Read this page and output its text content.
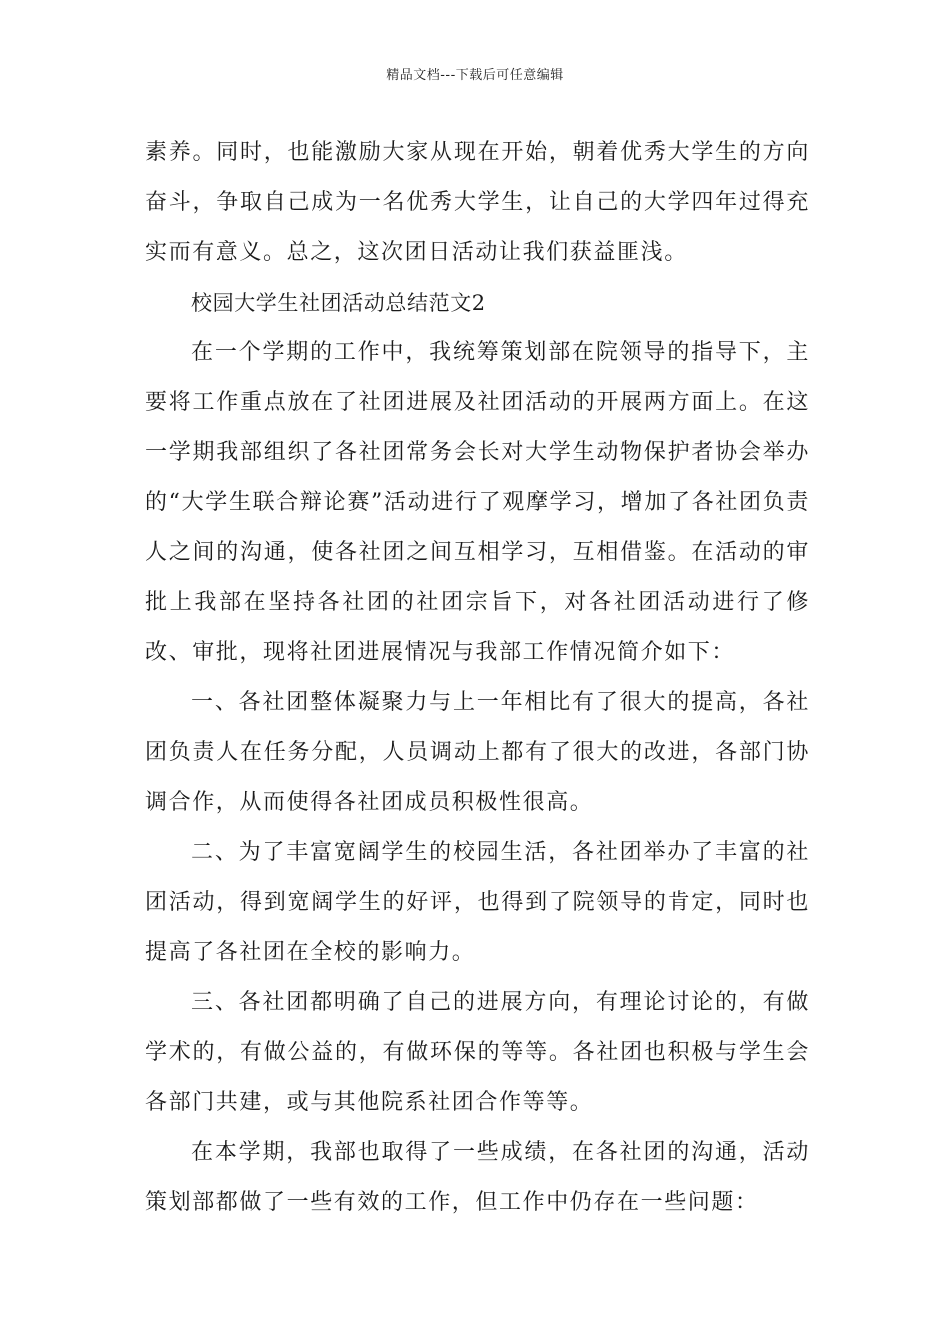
精品文档---下载后可任意编辑

素养。同时，也能激励大家从现在开始，朝着优秀大学生的方向奋斗，争取自己成为一名优秀大学生，让自己的大学四年过得充实而有意义。总之，这次团日活动让我们获益匪浅。

校园大学生社团活动总结范文2

在一个学期的工作中，我统筹策划部在院领导的指导下，主要将工作重点放在了社团进展及社团活动的开展两方面上。在这一学期我部组织了各社团常务会长对大学生动物保护者协会举办的“大学生联合辩论赛”活动进行了观摩学习，增加了各社团负责人之间的沟通，使各社团之间互相学习，互相借鉴。在活动的审批上我部在坚持各社团的社团宗旨下，对各社团活动进行了修改、审批，现将社团进展情况与我部工作情况简介如下：

一、各社团整体凝聚力与上一年相比有了很大的提高，各社团负责人在任务分配，人员调动上都有了很大的改进，各部门协调合作，从而使得各社团成员积极性很高。

二、为了丰富宽阔学生的校园生活，各社团举办了丰富的社团活动，得到宽阔学生的好评，也得到了院领导的肯定，同时也提高了各社团在全校的影响力。

三、各社团都明确了自己的进展方向，有理论讨论的，有做学术的，有做公益的，有做环保的等等。各社团也积极与学生会各部门共建，或与其他院系社团合作等等。

在本学期，我部也取得了一些成绩，在各社团的沟通，活动策划部都做了一些有效的工作，但工作中仍存在一些问题：
